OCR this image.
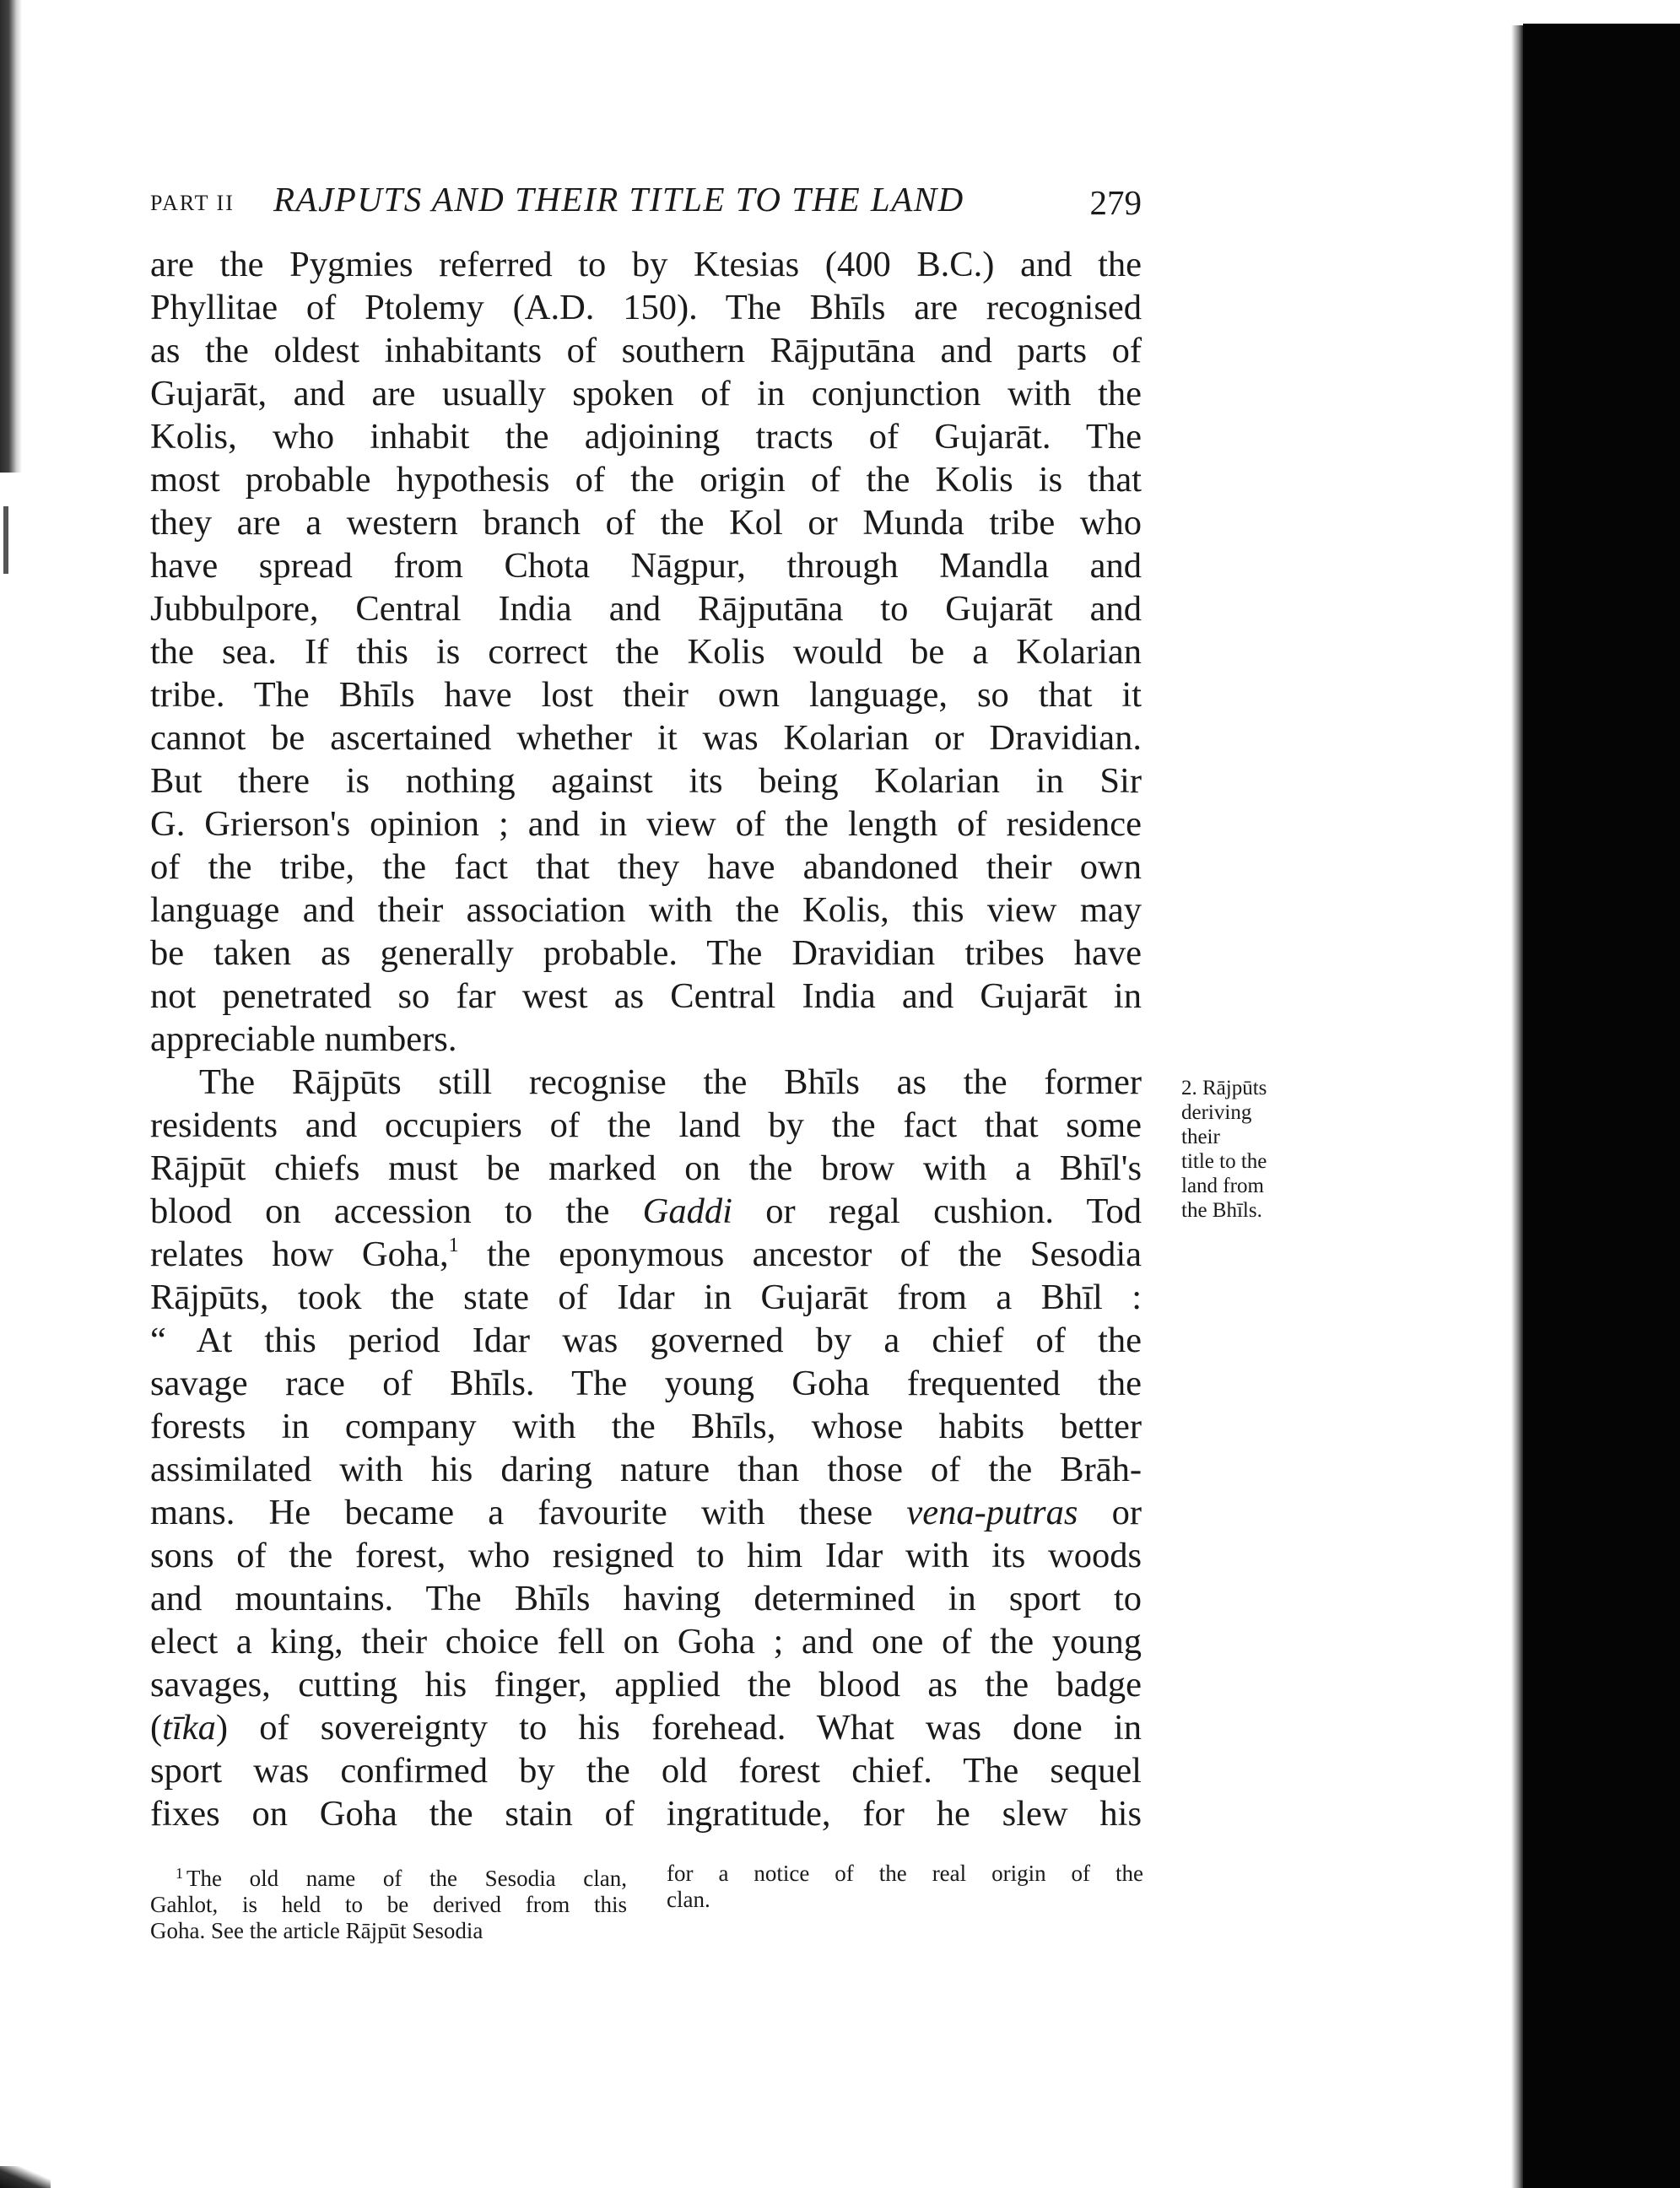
PART II RAJPUTS AND THEIR TITLE TO THE LAND	279
are the Pygmies referred to by Ktesias (400 B.C.) and the
Phyllitae of Ptolemy (A.D. 150). The Bhīls are recognised
as the oldest inhabitants of southern Rājputāna and parts of
Gujarāt, and are usually spoken of in conjunction with the
Kolis, who inhabit the adjoining tracts of Gujarāt. The
most probable hypothesis of the origin of the Kolis is that
they are a western branch of the Kol or Munda tribe who
have spread from Chota Nāgpur, through Mandla and
Jubbulpore, Central India and Rājputāna to Gujarāt and
the sea. If this is correct the Kolis would be a Kolarian
tribe. The Bhīls have lost their own language, so that it
cannot be ascertained whether it was Kolarian or Dravidian.
But there is nothing against its being Kolarian in Sir
G. Grierson's opinion ; and in view of the length of residence
of the tribe, the fact that they have abandoned their own
language and their association with the Kolis, this view may
be taken as generally probable. The Dravidian tribes have
not penetrated so far west as Central India and Gujarāt in
appreciable numbers.
The Rājpūts still recognise the Bhīls as the former
residents and occupiers of the land by the fact that some
Rājpūt chiefs must be marked on the brow with a Bhīl's
blood on accession to the Gaddi or regal cushion. Tod
relates how Goha,$^1$ the eponymous ancestor of the Sesodia
Rājpūts, took the state of Idar in Gujarāt from a Bhīl :
“ At this period Idar was governed by a chief of the
savage race of Bhīls. The young Goha frequented the
forests in company with the Bhīls, whose habits better
assimilated with his daring nature than those of the Brāh-
mans. He became a favourite with these vena-putras or
sons of the forest, who resigned to him Idar with its woods
and mountains. The Bhīls having determined in sport to
elect a king, their choice fell on Goha ; and one of the young
savages, cutting his finger, applied the blood as the badge
(tīka) of sovereignty to his forehead. What was done in
sport was confirmed by the old forest chief. The sequel
fixes on Goha the stain of ingratitude, for he slew his
2. Rājpūts
deriving
their
title to the
land from
the Bhīls.
$^1$ The old name of the Sesodia clan,
Gahlot, is held to be derived from this
Goha. See the article Rājpūt Sesodia
for a notice of the real origin of the
clan.
